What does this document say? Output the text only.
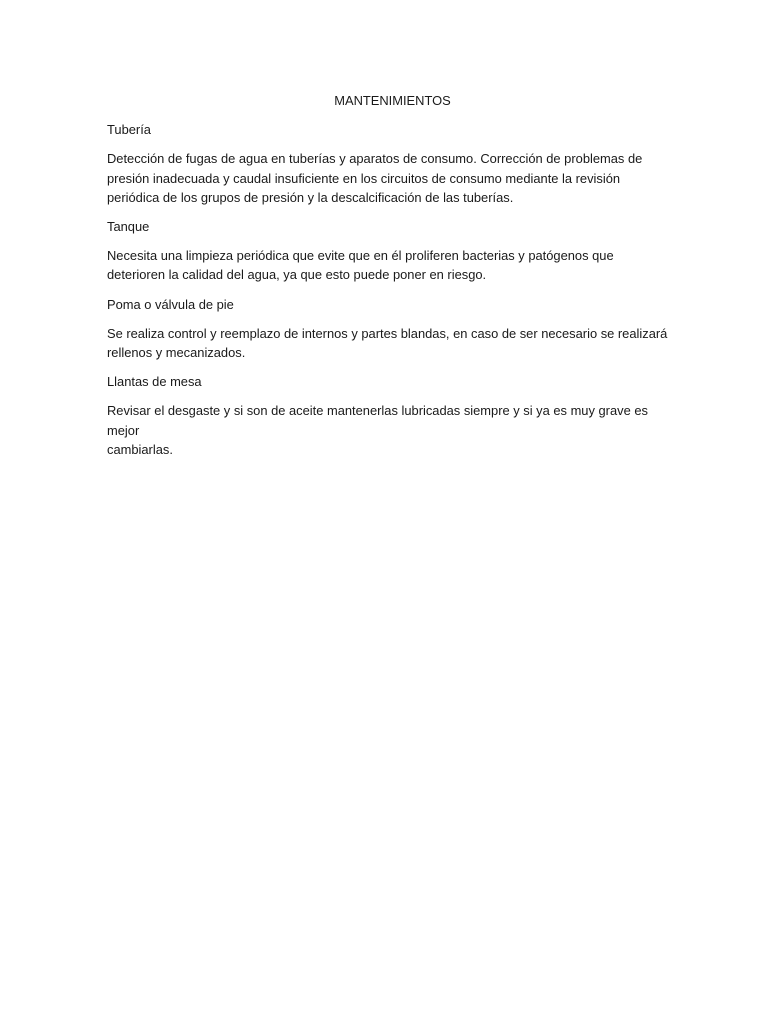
MANTENIMIENTOS
Tubería
Detección de fugas de agua en tuberías y aparatos de consumo. Corrección de problemas de
presión inadecuada y caudal insuficiente en los circuitos de consumo mediante la revisión
periódica de los grupos de presión y la descalcificación de las tuberías.
Tanque
Necesita una limpieza periódica que evite que en él proliferen bacterias y patógenos que
deterioren la calidad del agua, ya que esto puede poner en riesgo.
Poma o válvula de pie
Se realiza control y reemplazo de internos y partes blandas, en caso de ser necesario se realizará
rellenos y mecanizados.
Llantas de mesa
Revisar el desgaste y si son de aceite mantenerlas lubricadas siempre y si ya es muy grave es mejor
cambiarlas.
